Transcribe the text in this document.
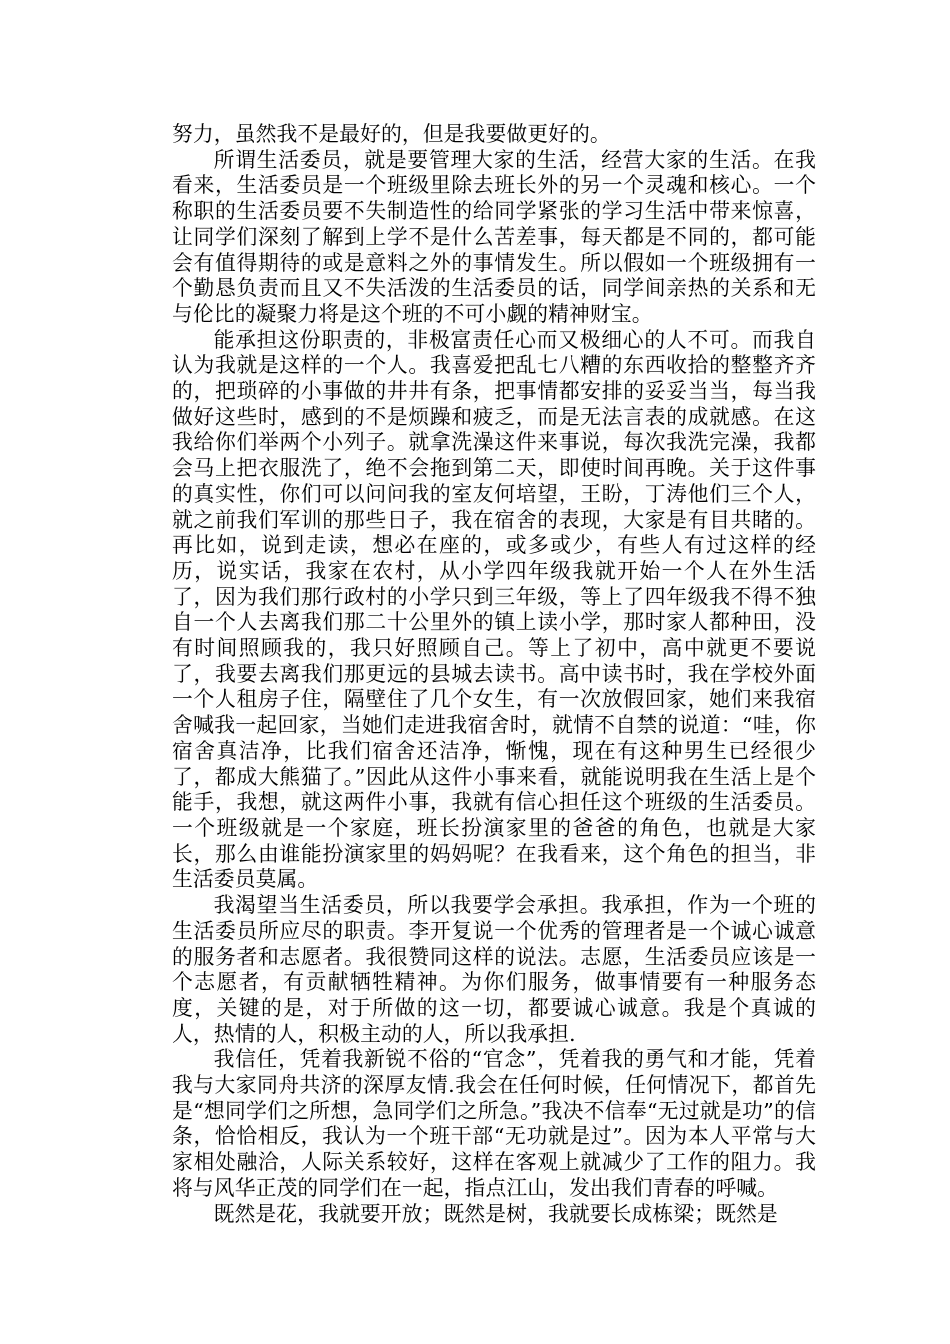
努力，虽然我不是最好的，但是我要做更好的。

所谓生活委员，就是要管理大家的生活，经营大家的生活。在我看来，生活委员是一个班级里除去班长外的另一个灵魂和核心。一个称职的生活委员要不失制造性的给同学紧张的学习生活中带来惊喜，让同学们深刻了解到上学不是什么苦差事，每天都是不同的，都可能会有值得期待的或是意料之外的事情发生。所以假如一个班级拥有一个勤恳负责而且又不失活泼的生活委员的话，同学间亲热的关系和无与伦比的凝聚力将是这个班的不可小觑的精神财宝。

能承担这份职责的，非极富责任心而又极细心的人不可。而我自认为我就是这样的一个人。我喜爱把乱七八糟的东西收拾的整整齐齐的，把琐碎的小事做的井井有条，把事情都安排的妥妥当当，每当我做好这些时，感到的不是烦躁和疲乏，而是无法言表的成就感。在这我给你们举两个小列子。就拿洗澡这件来事说，每次我洗完澡，我都会马上把衣服洗了，绝不会拖到第二天，即使时间再晚。关于这件事的真实性，你们可以问问我的室友何培望，王盼，丁涛他们三个人，就之前我们军训的那些日子，我在宿舍的表现，大家是有目共睹的。再比如，说到走读，想必在座的，或多或少，有些人有过这样的经历，说实话，我家在农村，从小学四年级我就开始一个人在外生活了，因为我们那行政村的小学只到三年级，等上了四年级我不得不独自一个人去离我们那二十公里外的镇上读小学，那时家人都种田，没有时间照顾我的，我只好照顾自己。等上了初中，高中就更不要说了，我要去离我们那更远的县城去读书。高中读书时，我在学校外面一个人租房子住，隔壁住了几个女生，有一次放假回家，她们来我宿舍喊我一起回家，当她们走进我宿舍时，就情不自禁的说道：“哇，你宿舍真洁净，比我们宿舍还洁净，惭愧，现在有这种男生已经很少了，都成大熊猫了。”因此从这件小事来看，就能说明我在生活上是个能手，我想，就这两件小事，我就有信心担任这个班级的生活委员。一个班级就是一个家庭，班长扮演家里的爸爸的角色，也就是大家长，那么由谁能扮演家里的妈妈呢？在我看来，这个角色的担当，非生活委员莫属。

我渴望当生活委员，所以我要学会承担。我承担，作为一个班的生活委员所应尽的职责。李开复说一个优秀的管理者是一个诚心诚意的服务者和志愿者。我很赞同这样的说法。志愿，生活委员应该是一个志愿者，有贡献牺牲精神。为你们服务，做事情要有一种服务态度，关键的是，对于所做的这一切，都要诚心诚意。我是个真诚的人，热情的人，积极主动的人，所以我承担.

我信任，凭着我新锐不俗的“官念”，凭着我的勇气和才能，凭着我与大家同舟共济的深厚友情.我会在任何时候，任何情况下，都首先是“想同学们之所想，急同学们之所急。”我决不信奉“无过就是功”的信条，恰恰相反，我认为一个班干部“无功就是过”。因为本人平常与大家相处融洽，人际关系较好，这样在客观上就减少了工作的阻力。我将与风华正茂的同学们在一起，指点江山，发出我们青春的呼喊。

既然是花，我就要开放；既然是树，我就要长成栋梁；既然是
